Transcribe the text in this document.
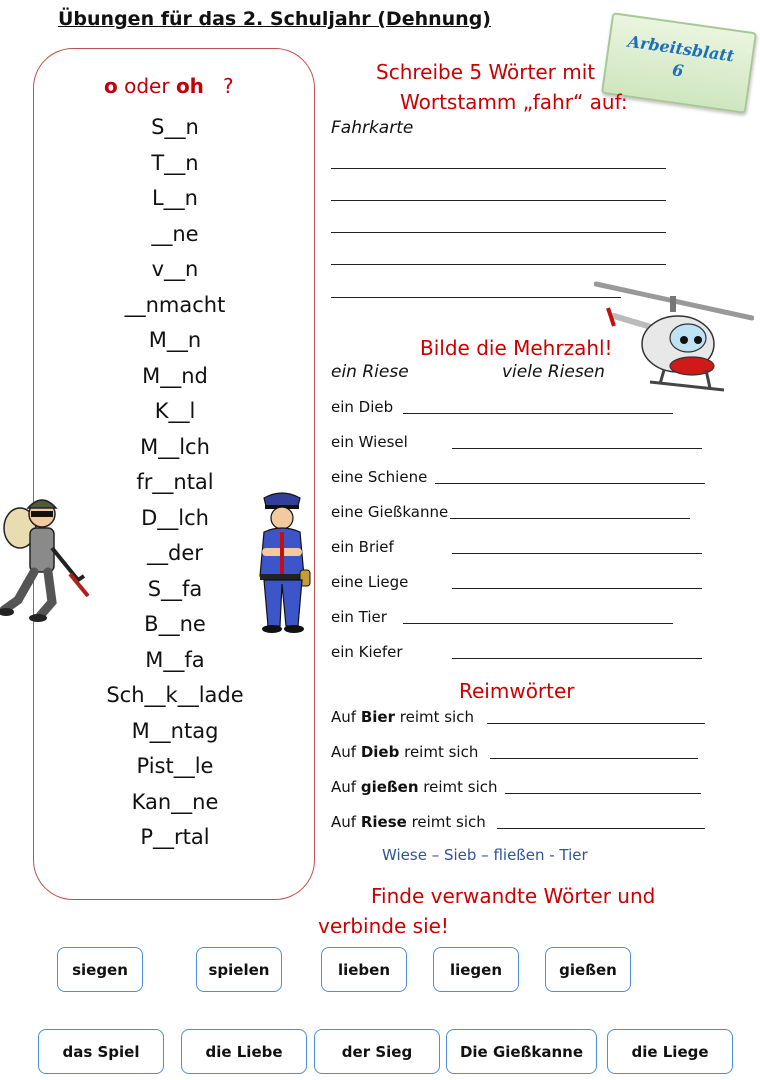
Übungen für das 2. Schuljahr (Dehnung)
o oder oh ?
S__n
T__n
L__n
__ne
v__n
__nmacht
M__n
M__nd
K__l
M__lch
fr__ntal
D__lch
__der
S__fa
B__ne
M__fa
Sch__k__lade
M__ntag
Pist__le
Kan__ne
P__rtal
Arbeitsblatt
6
Schreibe 5 Wörter mit
Wortstamm „fahr“ auf:
Fahrkarte
Bilde die Mehrzahl!
ein Riese	viele Riesen
ein Dieb
ein Wiesel
eine Schiene
eine Gießkanne
ein Brief
eine Liege
ein Tier
ein Kiefer
Reimwörter
Auf Bier reimt sich
Auf Dieb reimt sich
Auf gießen reimt sich
Auf Riese reimt sich
Wiese – Sieb – fließen - Tier
Finde verwandte Wörter und
verbinde sie!
siegen	spielen	lieben	liegen	gießen
das Spiel	die Liebe	der Sieg	Die Gießkanne	die Liege
